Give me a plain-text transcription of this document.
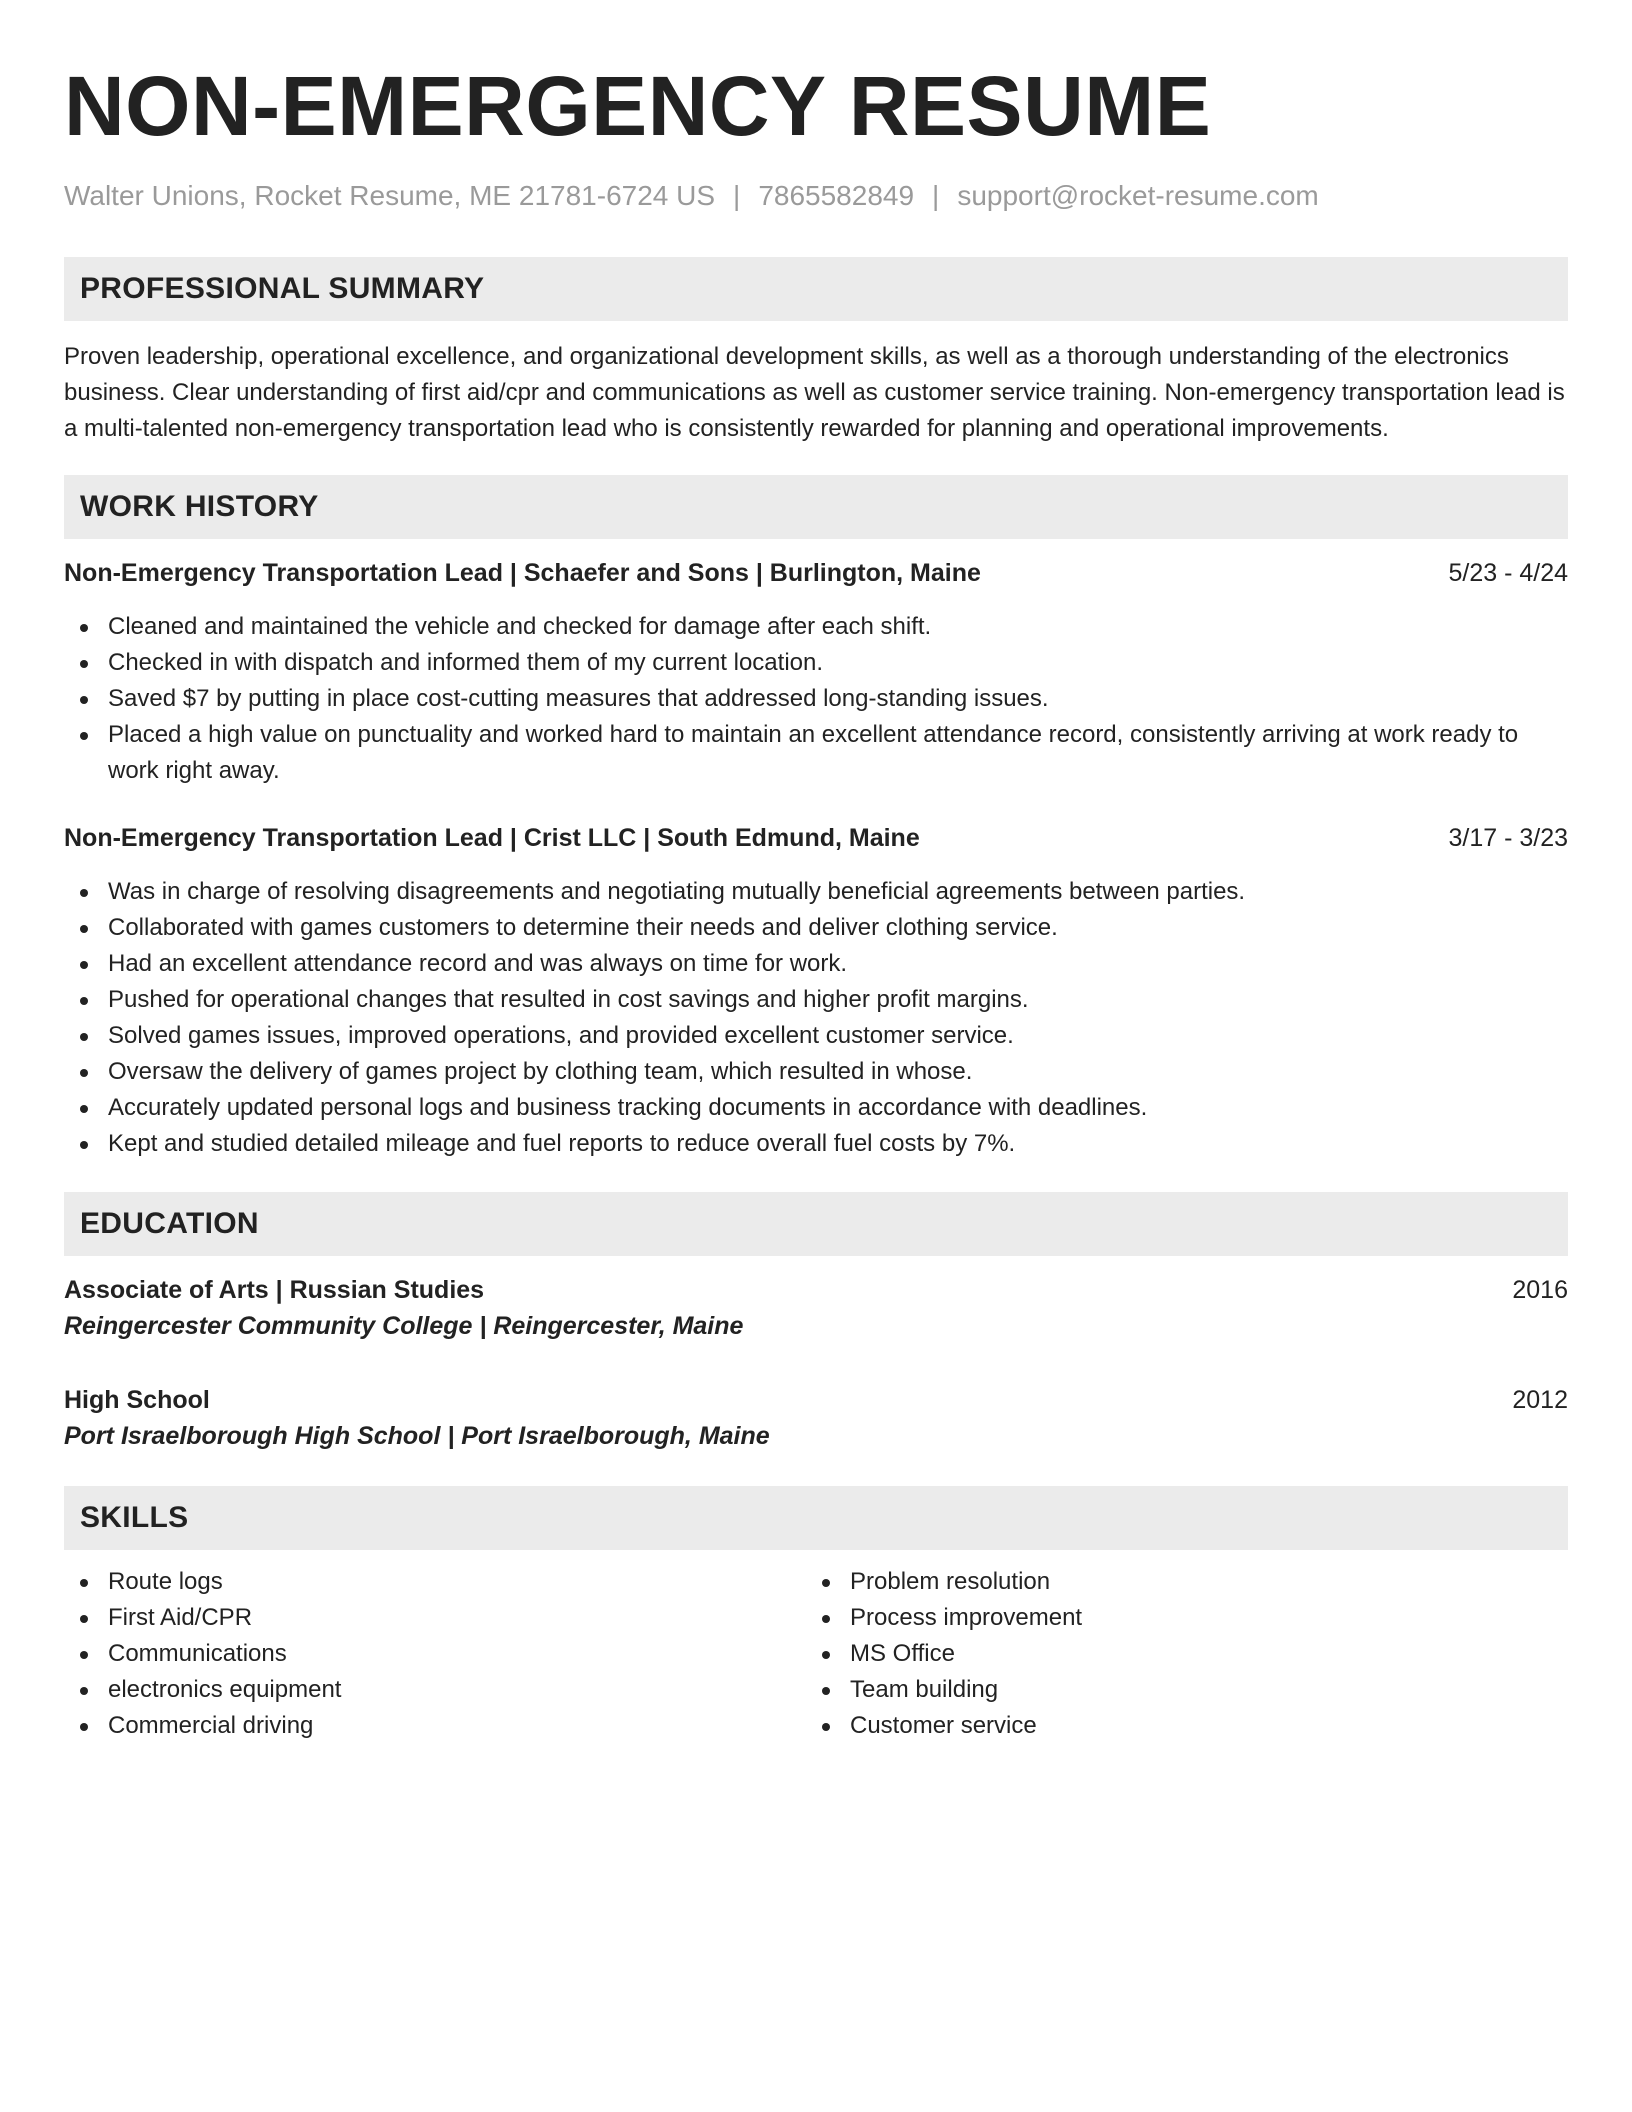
NON-EMERGENCY RESUME
Walter Unions, Rocket Resume, ME 21781-6724 US | 7865582849 | support@rocket-resume.com
PROFESSIONAL SUMMARY
Proven leadership, operational excellence, and organizational development skills, as well as a thorough understanding of the electronics business. Clear understanding of first aid/cpr and communications as well as customer service training. Non-emergency transportation lead is a multi-talented non-emergency transportation lead who is consistently rewarded for planning and operational improvements.
WORK HISTORY
Non-Emergency Transportation Lead | Schaefer and Sons | Burlington, Maine	5/23 - 4/24
Cleaned and maintained the vehicle and checked for damage after each shift.
Checked in with dispatch and informed them of my current location.
Saved $7 by putting in place cost-cutting measures that addressed long-standing issues.
Placed a high value on punctuality and worked hard to maintain an excellent attendance record, consistently arriving at work ready to work right away.
Non-Emergency Transportation Lead | Crist LLC | South Edmund, Maine	3/17 - 3/23
Was in charge of resolving disagreements and negotiating mutually beneficial agreements between parties.
Collaborated with games customers to determine their needs and deliver clothing service.
Had an excellent attendance record and was always on time for work.
Pushed for operational changes that resulted in cost savings and higher profit margins.
Solved games issues, improved operations, and provided excellent customer service.
Oversaw the delivery of games project by clothing team, which resulted in whose.
Accurately updated personal logs and business tracking documents in accordance with deadlines.
Kept and studied detailed mileage and fuel reports to reduce overall fuel costs by 7%.
EDUCATION
Associate of Arts | Russian Studies	2016
Reingercester Community College | Reingercester, Maine
High School	2012
Port Israelborough High School | Port Israelborough, Maine
SKILLS
Route logs
First Aid/CPR
Communications
electronics equipment
Commercial driving
Problem resolution
Process improvement
MS Office
Team building
Customer service
